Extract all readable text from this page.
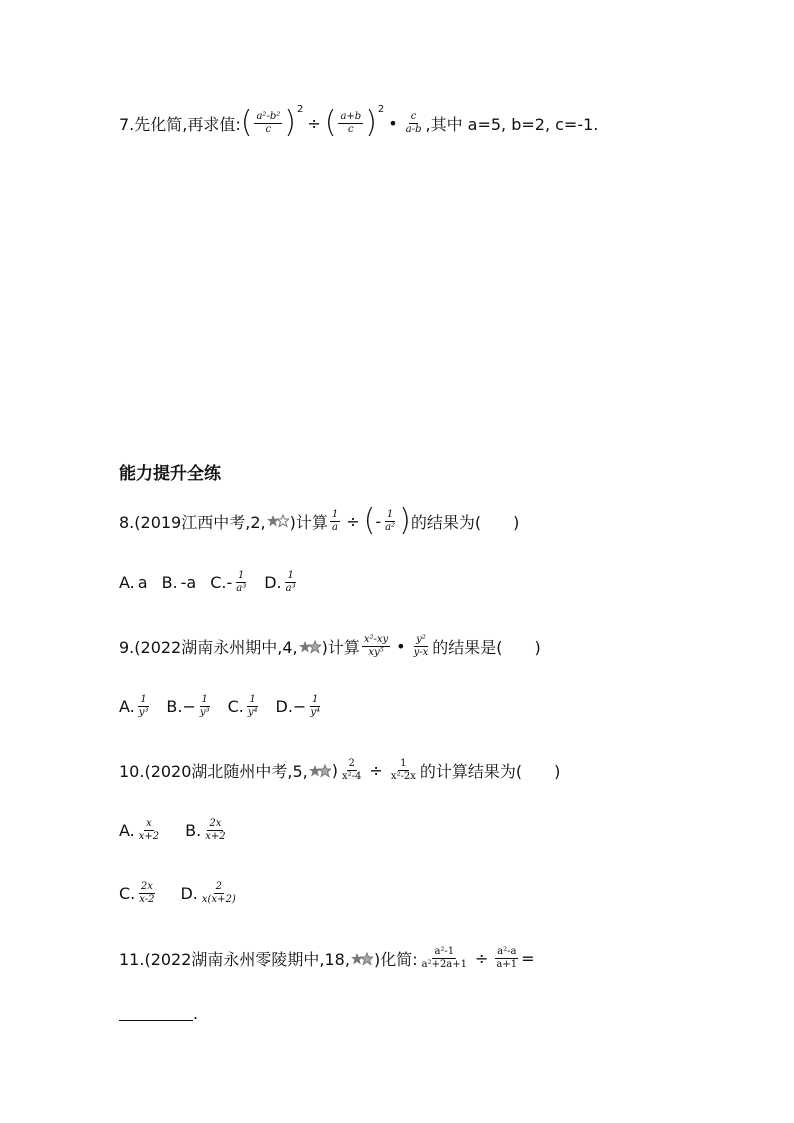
7.先化简,再求值: ( $\frac{\text{a²-b²}}{c}$ ) 2
÷ ( $\frac{a+b}{c}$ ) 2
• $\frac{c}{a-b}$ ,其中 a=5, b=2, c=-1.
能力提升全练
8.(2019江西中考,2, )计算 $\frac{1}{a}$ ÷ ( - $\frac{1}{\text{a²}}$ ) 的结果为(　　)
A. a B. -a C. - $\frac{1}{\text{a³}} D$. $\frac{1}{\text{a³}}$
9.(2022湖南永州期中,4, )计算 $\frac{\text{x²-xy}}{\text{xy⁵}}$ • $\frac{\text{y²}}{y-x}$ 的结果是(　　)
A. $\frac{1}{\text{y³}} B.- \frac{1}{\text{y³}} C$. $\frac{1}{\text{y⁴}} D.- \frac{1}{\text{y⁴}}$
10.(2020湖北随州中考,5, ) $\frac{2}{\text{x²-4}} \div \frac{1}{\text{x²-2x}}$ 的计算结果为(　　)
A. $\frac{x}{x+2} B$. $\frac{2x}{x+2}$
C. $\frac{2x}{x-2} D$. $\frac{2}{x(x+2)}$
11.(2022湖南永州零陵期中,18, )化简: $\frac{\text{a²-1}}{\text{a²+2a+1}} \div \frac{\text{a²-a}}{a+1}$ =
.
